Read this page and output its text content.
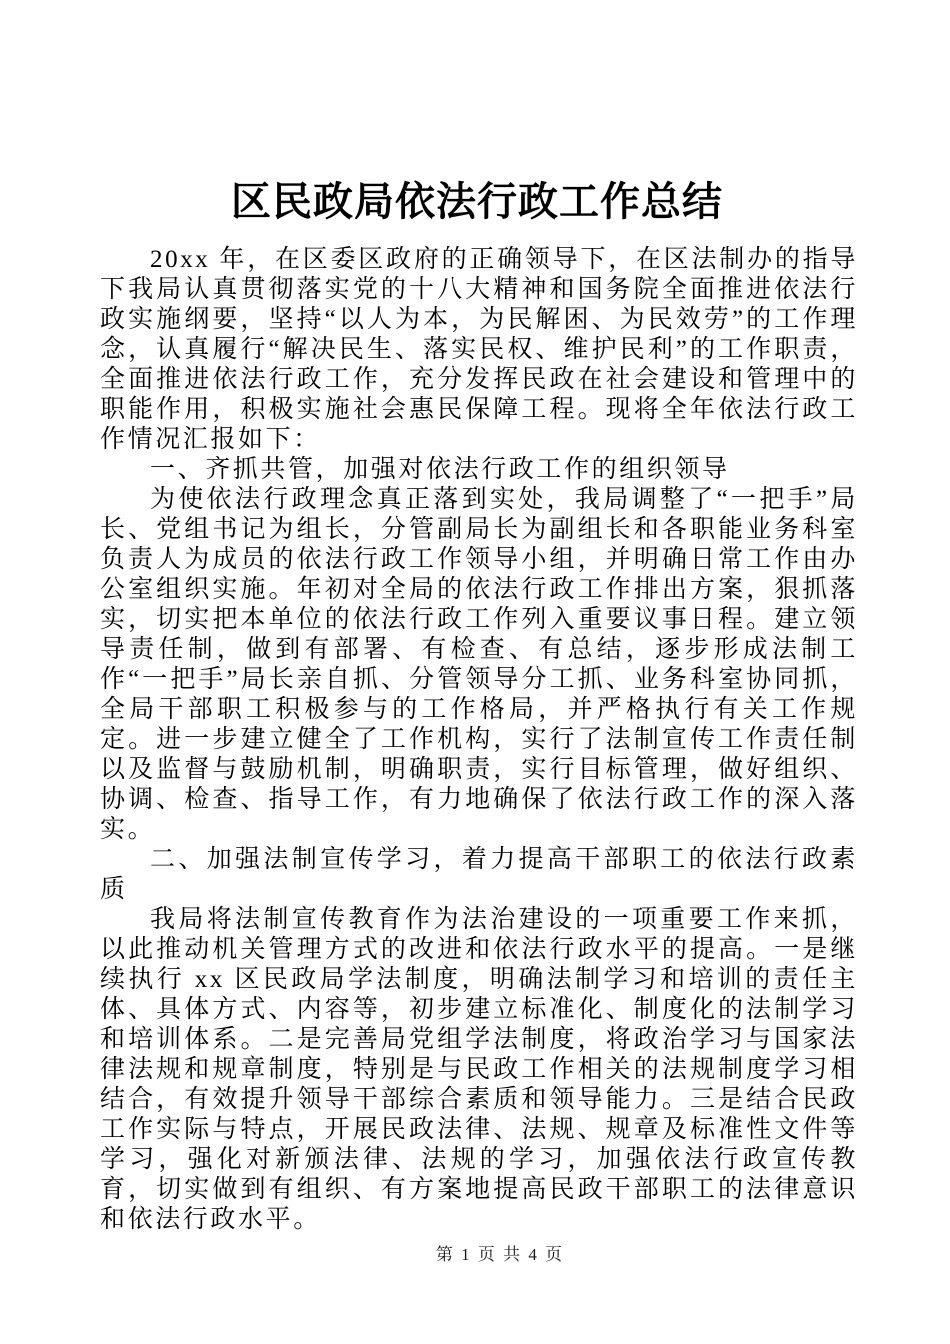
区民政局依法行政工作总结

20xx 年，在区委区政府的正确领导下，在区法制办的指导下我局认真贯彻落实党的十八大精神和国务院全面推进依法行政实施纲要，坚持“以人为本，为民解困、为民效劳”的工作理念，认真履行“解决民生、落实民权、维护民利”的工作职责，全面推进依法行政工作，充分发挥民政在社会建设和管理中的职能作用，积极实施社会惠民保障工程。现将全年依法行政工作情况汇报如下：

一、齐抓共管，加强对依法行政工作的组织领导

为使依法行政理念真正落到实处，我局调整了“一把手”局长、党组书记为组长，分管副局长为副组长和各职能业务科室负责人为成员的依法行政工作领导小组，并明确日常工作由办公室组织实施。年初对全局的依法行政工作排出方案，狠抓落实，切实把本单位的依法行政工作列入重要议事日程。建立领导责任制，做到有部署、有检查、有总结，逐步形成法制工作“一把手”局长亲自抓、分管领导分工抓、业务科室协同抓，全局干部职工积极参与的工作格局，并严格执行有关工作规定。进一步建立健全了工作机构，实行了法制宣传工作责任制以及监督与鼓励机制，明确职责，实行目标管理，做好组织、协调、检查、指导工作，有力地确保了依法行政工作的深入落实。

二、加强法制宣传学习，着力提高干部职工的依法行政素质

我局将法制宣传教育作为法治建设的一项重要工作来抓，以此推动机关管理方式的改进和依法行政水平的提高。一是继续执行 xx 区民政局学法制度，明确法制学习和培训的责任主体、具体方式、内容等，初步建立标准化、制度化的法制学习和培训体系。二是完善局党组学法制度，将政治学习与国家法律法规和规章制度，特别是与民政工作相关的法规制度学习相结合，有效提升领导干部综合素质和领导能力。三是结合民政工作实际与特点，开展民政法律、法规、规章及标准性文件等学习，强化对新颁法律、法规的学习，加强依法行政宣传教育，切实做到有组织、有方案地提高民政干部职工的法律意识和依法行政水平。

第 1 页 共 4 页
